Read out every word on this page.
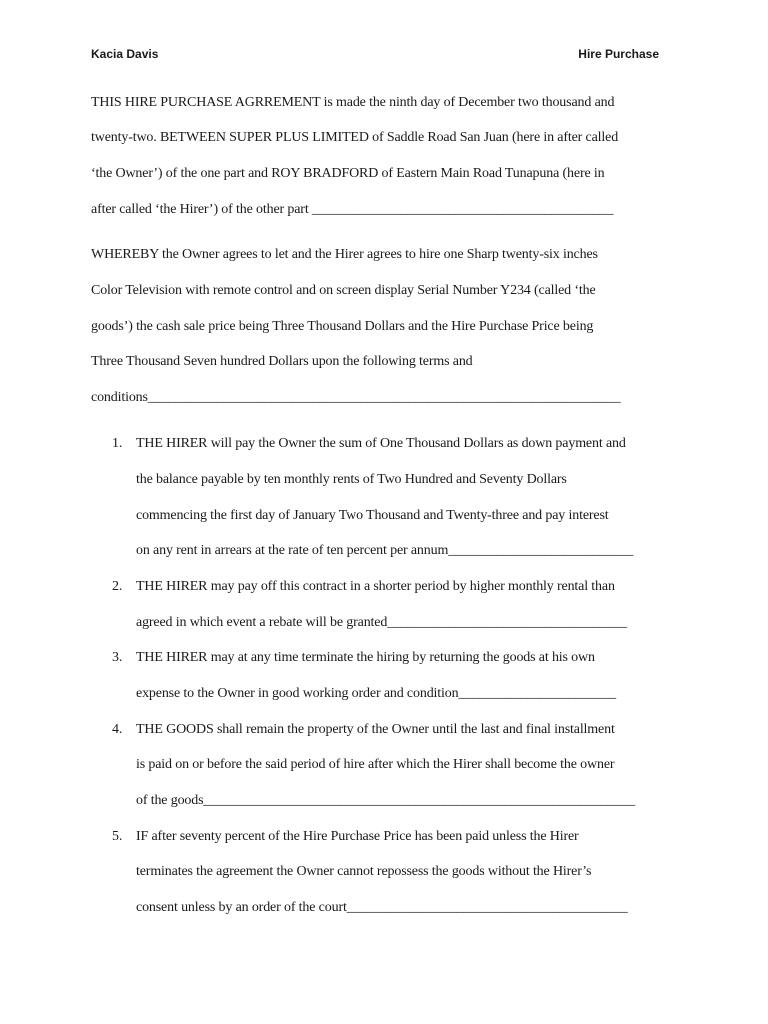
Kacia Davis	Hire Purchase
THIS HIRE PURCHASE AGRREMENT is made the ninth day of December two thousand and
twenty-two. BETWEEN SUPER PLUS LIMITED of Saddle Road San Juan (here in after called
‘the Owner’) of the one part and ROY BRADFORD of Eastern Main Road Tunapuna (here in
after called ‘the Hirer’) of the other part ____________________________________________
WHEREBY the Owner agrees to let and the Hirer agrees to hire one Sharp twenty-six inches
Color Television with remote control and on screen display Serial Number Y234 (called ‘the
goods’) the cash sale price being Three Thousand Dollars and the Hire Purchase Price being
Three Thousand Seven hundred Dollars upon the following terms and
conditions_____________________________________________________________________
1. THE HIRER will pay the Owner the sum of One Thousand Dollars as down payment and
the balance payable by ten monthly rents of Two Hundred and Seventy Dollars
commencing the first day of January Two Thousand and Twenty-three and pay interest
on any rent in arrears at the rate of ten percent per annum___________________________
2. THE HIRER may pay off this contract in a shorter period by higher monthly rental than
agreed in which event a rebate will be granted___________________________________
3. THE HIRER may at any time terminate the hiring by returning the goods at his own
expense to the Owner in good working order and condition_______________________
4. THE GOODS shall remain the property of the Owner until the last and final installment
is paid on or before the said period of hire after which the Hirer shall become the owner
of the goods_______________________________________________________________
5. IF after seventy percent of the Hire Purchase Price has been paid unless the Hirer
terminates the agreement the Owner cannot repossess the goods without the Hirer’s
consent unless by an order of the court_________________________________________
